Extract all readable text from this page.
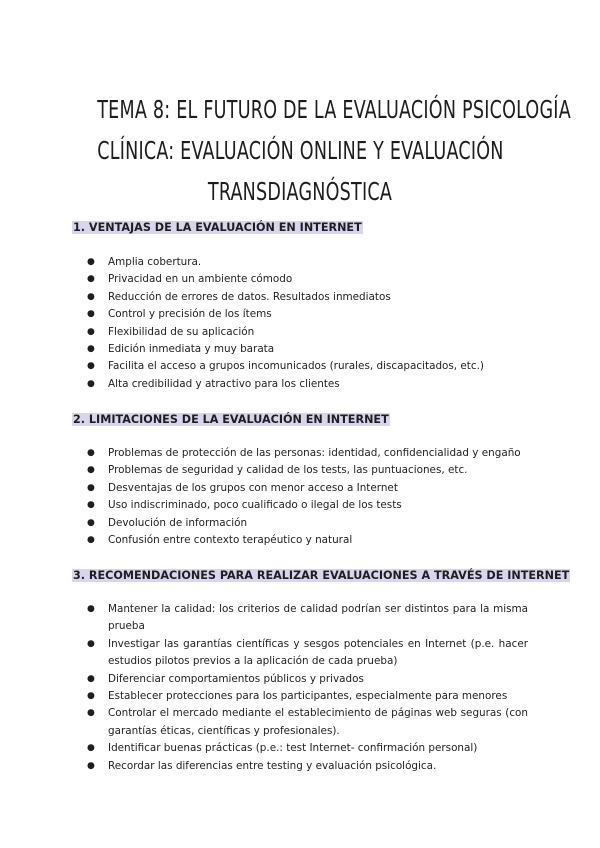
TEMA 8: EL FUTURO DE LA EVALUACIÓN PSICOLOGÍA
CLÍNICA: EVALUACIÓN ONLINE Y EVALUACIÓN
TRANSDIAGNÓSTICA
1. VENTAJAS DE LA EVALUACIÓN EN INTERNET
● Amplia cobertura.
● Privacidad en un ambiente cómodo
● Reducción de errores de datos. Resultados inmediatos
● Control y precisión de los ítems
● Flexibilidad de su aplicación
● Edición inmediata y muy barata
● Facilita el acceso a grupos incomunicados (rurales, discapacitados, etc.)
● Alta credibilidad y atractivo para los clientes
2. LIMITACIONES DE LA EVALUACIÓN EN INTERNET
● Problemas de protección de las personas: identidad, confidencialidad y engaño
● Problemas de seguridad y calidad de los tests, las puntuaciones, etc.
● Desventajas de los grupos con menor acceso a Internet
● Uso indiscriminado, poco cualificado o ilegal de los tests
● Devolución de información
● Confusión entre contexto terapéutico y natural
3. RECOMENDACIONES PARA REALIZAR EVALUACIONES A TRAVÉS DE INTERNET
● Mantener la calidad: los criterios de calidad podrían ser distintos para la misma prueba
● Investigar las garantías científicas y sesgos potenciales en Internet (p.e. hacer estudios pilotos previos a la aplicación de cada prueba)
● Diferenciar comportamientos públicos y privados
● Establecer protecciones para los participantes, especialmente para menores
● Controlar el mercado mediante el establecimiento de páginas web seguras (con garantías éticas, científicas y profesionales).
● Identificar buenas prácticas (p.e.: test Internet- confirmación personal)
● Recordar las diferencias entre testing y evaluación psicológica.
